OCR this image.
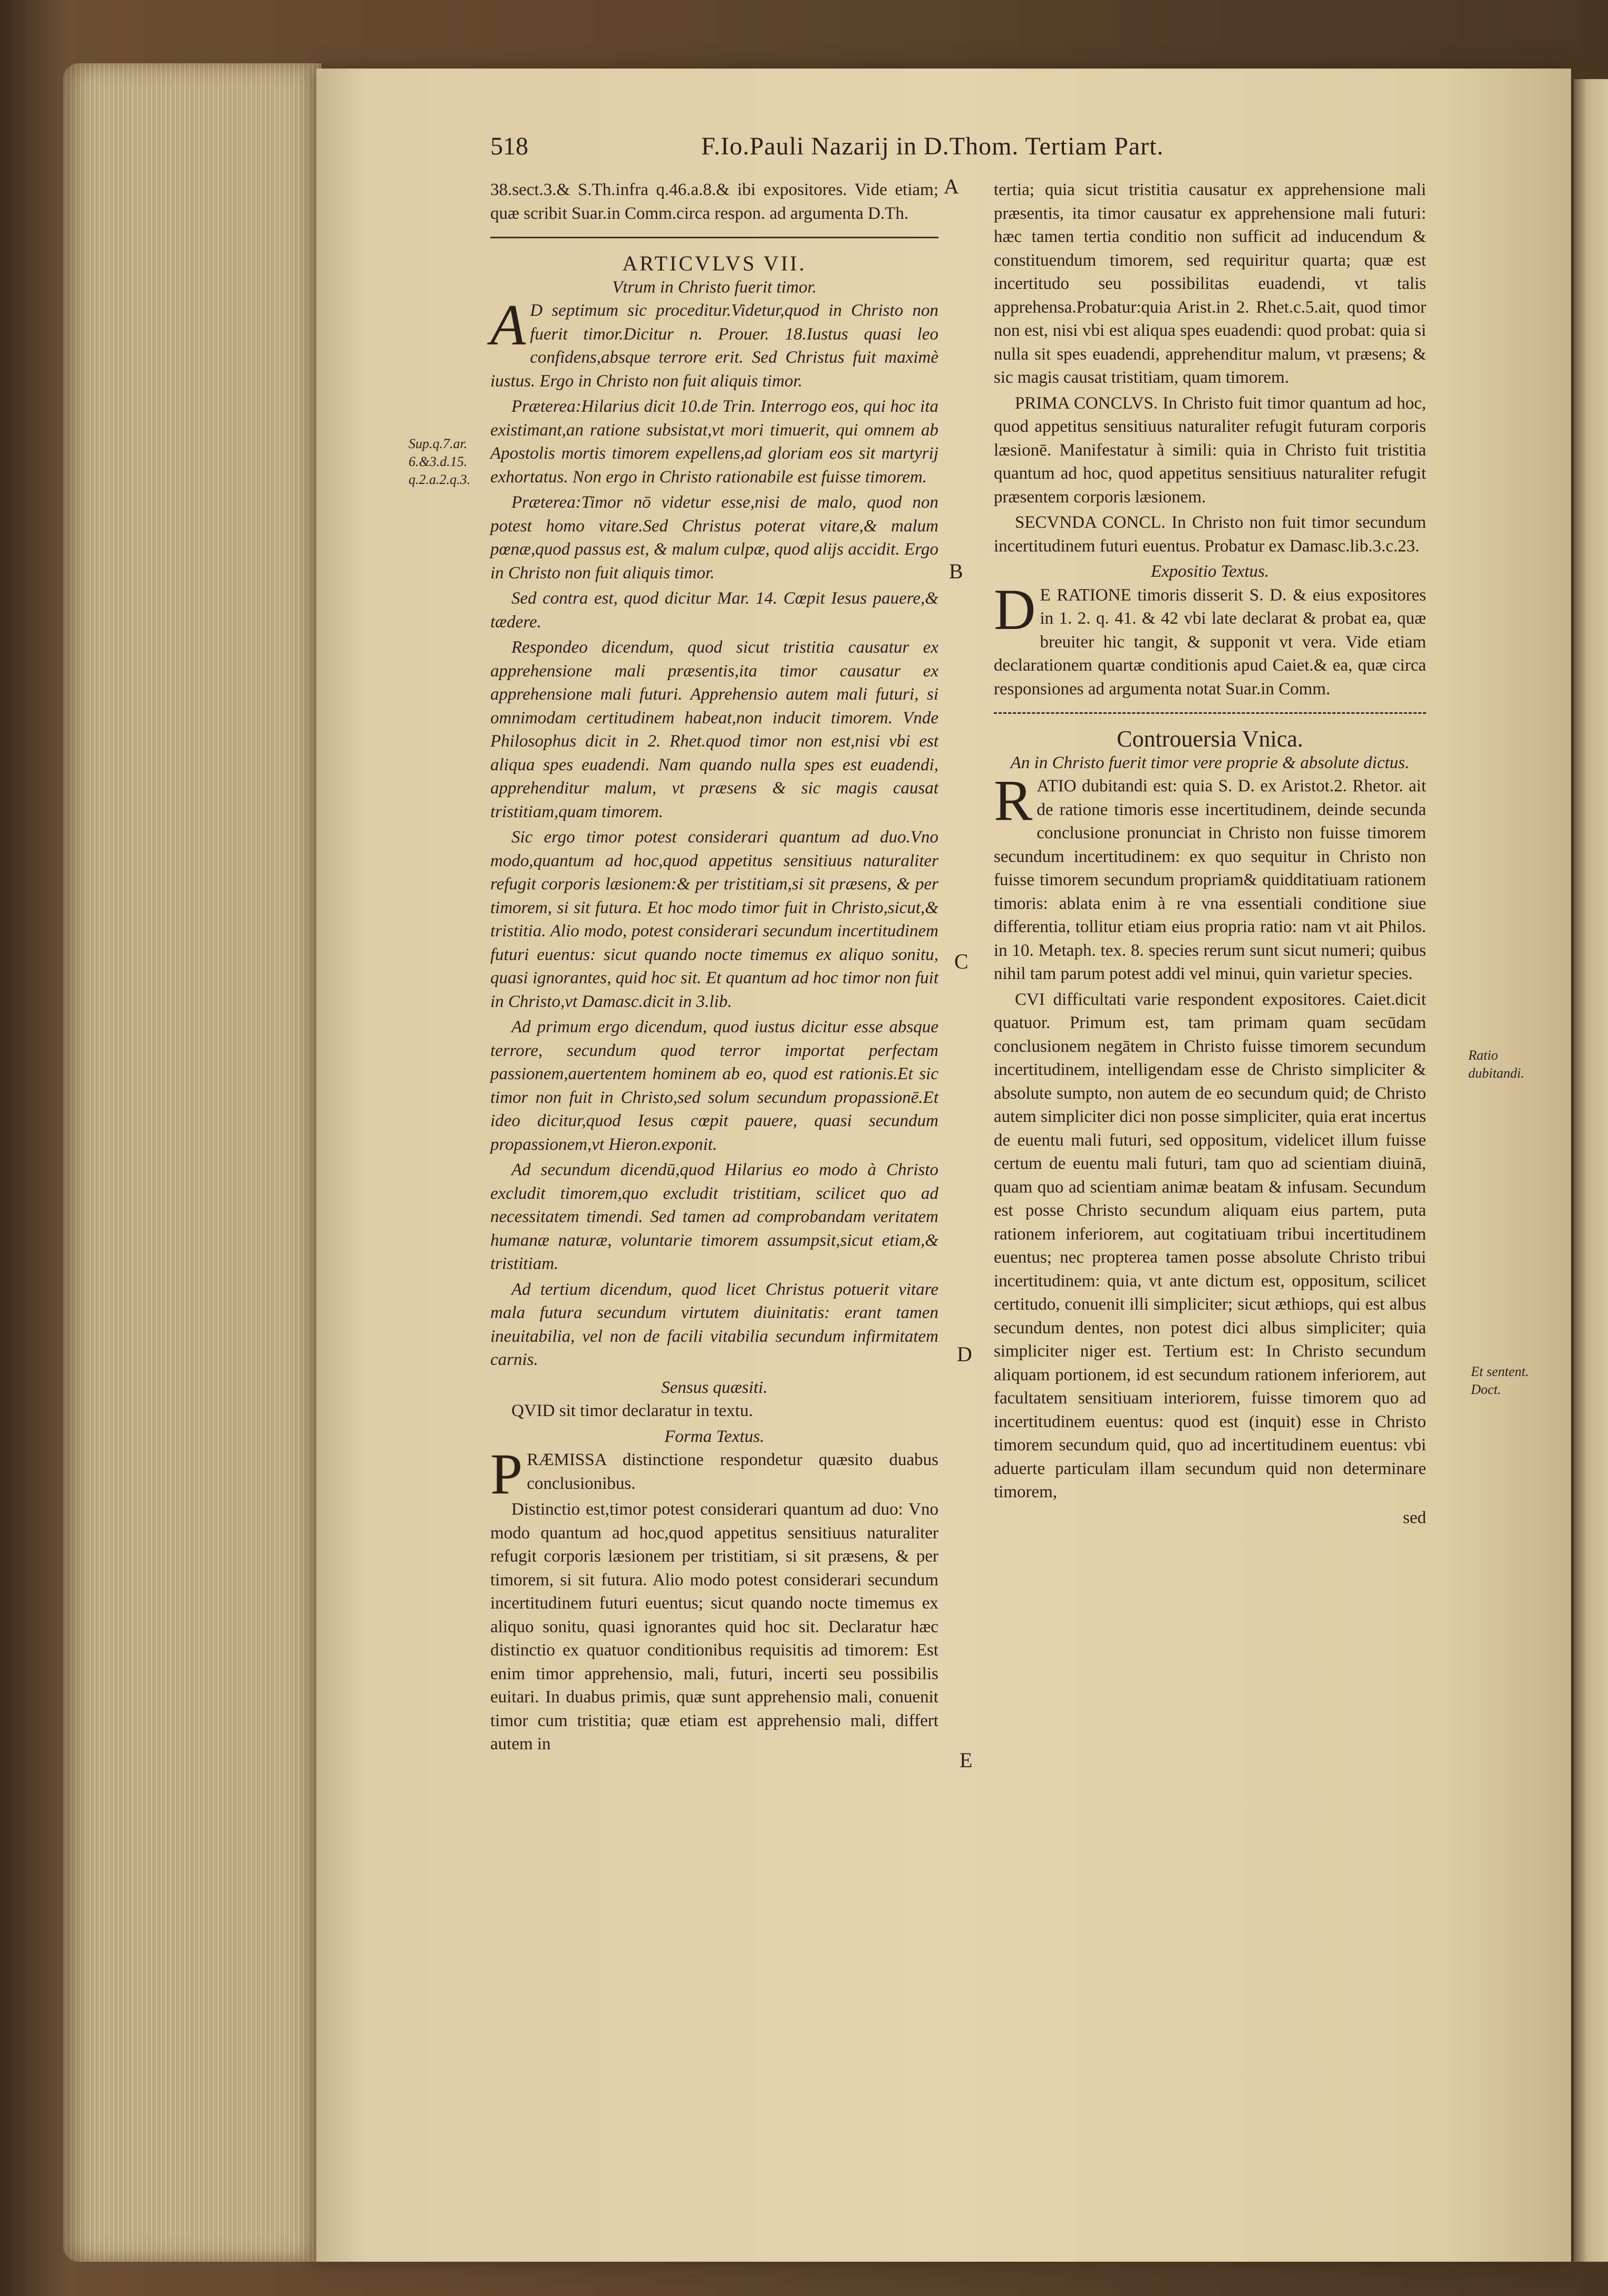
518	F.Io.Pauli Nazarij in D.Thom. Tertiam Part.
A
B
C
D
E
Sup.q.7.ar. 6.&3.d.15. q.2.a.2.q.3.
Ratio dubitandi.
Et sentent. Doct.

38.sect.3.& S.Th.infra q.46.a.8.& ibi expositores. Vide etiam; quæ scribit Suar.in Comm.circa respon. ad argumenta D.Th.

ARTICVLVS VII.
Vtrum in Christo fuerit timor.

A D septimum sic proceditur.Videtur,quod in Christo non fuerit timor.Dicitur n. Prouer. 18.Iustus quasi leo confidens,absque terrore erit. Sed Christus fuit maximè iustus. Ergo in Christo non fuit aliquis timor.

Præterea:Hilarius dicit 10.de Trin. Interrogo eos, qui hoc ita existimant,an ratione subsistat,vt mori timuerit, qui omnem ab Apostolis mortis timorem expellens,ad gloriam eos sit martyrij exhortatus. Non ergo in Christo rationabile est fuisse timorem.

Præterea:Timor nō videtur esse,nisi de malo, quod non potest homo vitare.Sed Christus poterat vitare,& malum pœnæ,quod passus est, & malum culpæ, quod alijs accidit. Ergo in Christo non fuit aliquis timor.

Sed contra est, quod dicitur Mar. 14. Cœpit Iesus pauere,& tædere.

Respondeo dicendum, quod sicut tristitia causatur ex apprehensione mali præsentis,ita timor causatur ex apprehensione mali futuri. Apprehensio autem mali futuri, si omnimodam certitudinem habeat,non inducit timorem. Vnde Philosophus dicit in 2. Rhet.quod timor non est,nisi vbi est aliqua spes euadendi. Nam quando nulla spes est euadendi, apprehenditur malum, vt præsens & sic magis causat tristitiam,quam timorem.

Sic ergo timor potest considerari quantum ad duo.Vno modo,quantum ad hoc,quod appetitus sensitiuus naturaliter refugit corporis læsionem:& per tristitiam,si sit præsens, & per timorem, si sit futura. Et hoc modo timor fuit in Christo,sicut,& tristitia. Alio modo, potest considerari secundum incertitudinem futuri euentus: sicut quando nocte timemus ex aliquo sonitu, quasi ignorantes, quid hoc sit. Et quantum ad hoc timor non fuit in Christo,vt Damasc.dicit in 3.lib.

Ad primum ergo dicendum, quod iustus dicitur esse absque terrore, secundum quod terror importat perfectam passionem,auertentem hominem ab eo, quod est rationis.Et sic timor non fuit in Christo,sed solum secundum propassionē.Et ideo dicitur,quod Iesus cœpit pauere, quasi secundum propassionem,vt Hieron.exponit.

Ad secundum dicendū,quod Hilarius eo modo à Christo excludit timorem,quo excludit tristitiam, scilicet quo ad necessitatem timendi. Sed tamen ad comprobandam veritatem humanæ naturæ, voluntarie timorem assumpsit,sicut etiam,& tristitiam.

Ad tertium dicendum, quod licet Christus potuerit vitare mala futura secundum virtutem diuinitatis: erant tamen ineuitabilia, vel non de facili vitabilia secundum infirmitatem carnis.

Sensus quæsiti.

QVID sit timor declaratur in textu.

Forma Textus.

PRÆMISSA distinctione respondetur quæsito duabus conclusionibus.

Distinctio est,timor potest considerari quantum ad duo: Vno modo quantum ad hoc,quod appetitus sensitiuus naturaliter refugit corporis læsionem per tristitiam, si sit præsens, & per timorem, si sit futura. Alio modo potest considerari secundum incertitudinem futuri euentus; sicut quando nocte timemus ex aliquo sonitu, quasi ignorantes quid hoc sit. Declaratur hæc distinctio ex quatuor conditionibus requisitis ad timorem: Est enim timor apprehensio, mali, futuri, incerti seu possibilis euitari. In duabus primis, quæ sunt apprehensio mali, conuenit timor cum tristitia; quæ etiam est apprehensio mali, differt autem in

tertia; quia sicut tristitia causatur ex apprehensione mali præsentis, ita timor causatur ex apprehensione mali futuri: hæc tamen tertia conditio non sufficit ad inducendum & constituendum timorem, sed requiritur quarta; quæ est incertitudo seu possibilitas euadendi, vt talis apprehensa.Probatur:quia Arist.in 2. Rhet.c.5.ait, quod timor non est, nisi vbi est aliqua spes euadendi: quod probat: quia si nulla sit spes euadendi, apprehenditur malum, vt præsens; & sic magis causat tristitiam, quam timorem.

PRIMA CONCLVS. In Christo fuit timor quantum ad hoc, quod appetitus sensitiuus naturaliter refugit futuram corporis læsionē. Manifestatur à simili: quia in Christo fuit tristitia quantum ad hoc, quod appetitus sensitiuus naturaliter refugit præsentem corporis læsionem.

SECVNDA CONCL. In Christo non fuit timor secundum incertitudinem futuri euentus. Probatur ex Damasc.lib.3.c.23.

Expositio Textus.

D E RATIONE timoris disserit S. D. & eius expositores in 1. 2. q. 41. & 42 vbi late declarat & probat ea, quæ breuiter hic tangit, & supponit vt vera. Vide etiam declarationem quartæ conditionis apud Caiet.& ea, quæ circa responsiones ad argumenta notat Suar.in Comm.

Controuersia Vnica.
An in Christo fuerit timor vere proprie & absolute dictus.

RATIO dubitandi est: quia S. D. ex Aristot.2. Rhetor. ait de ratione timoris esse incertitudinem, deinde secunda conclusione pronunciat in Christo non fuisse timorem secundum incertitudinem: ex quo sequitur in Christo non fuisse timorem secundum propriam& quidditatiuam rationem timoris: ablata enim à re vna essentiali conditione siue differentia, tollitur etiam eius propria ratio: nam vt ait Philos. in 10. Metaph. tex. 8. species rerum sunt sicut numeri; quibus nihil tam parum potest addi vel minui, quin varietur species.

CVI difficultati varie respondent expositores. Caiet.dicit quatuor. Primum est, tam primam quam secūdam conclusionem negātem in Christo fuisse timorem secundum incertitudinem, intelligendam esse de Christo simpliciter & absolute sumpto, non autem de eo secundum quid; de Christo autem simpliciter dici non posse simpliciter, quia erat incertus de euentu mali futuri, sed oppositum, videlicet illum fuisse certum de euentu mali futuri, tam quo ad scientiam diuinā, quam quo ad scientiam animæ beatam & infusam. Secundum est posse Christo secundum aliquam eius partem, puta rationem inferiorem, aut cogitatiuam tribui incertitudinem euentus; nec propterea tamen posse absolute Christo tribui incertitudinem: quia, vt ante dictum est, oppositum, scilicet certitudo, conuenit illi simpliciter; sicut æthiops, qui est albus secundum dentes, non potest dici albus simpliciter; quia simpliciter niger est. Tertium est: In Christo secundum aliquam portionem, id est secundum rationem inferiorem, aut facultatem sensitiuam interiorem, fuisse timorem quo ad incertitudinem euentus: quod est (inquit) esse in Christo timorem secundum quid, quo ad incertitudinem euentus: vbi aduerte particulam illam secundum quid non determinare timorem,

sed
